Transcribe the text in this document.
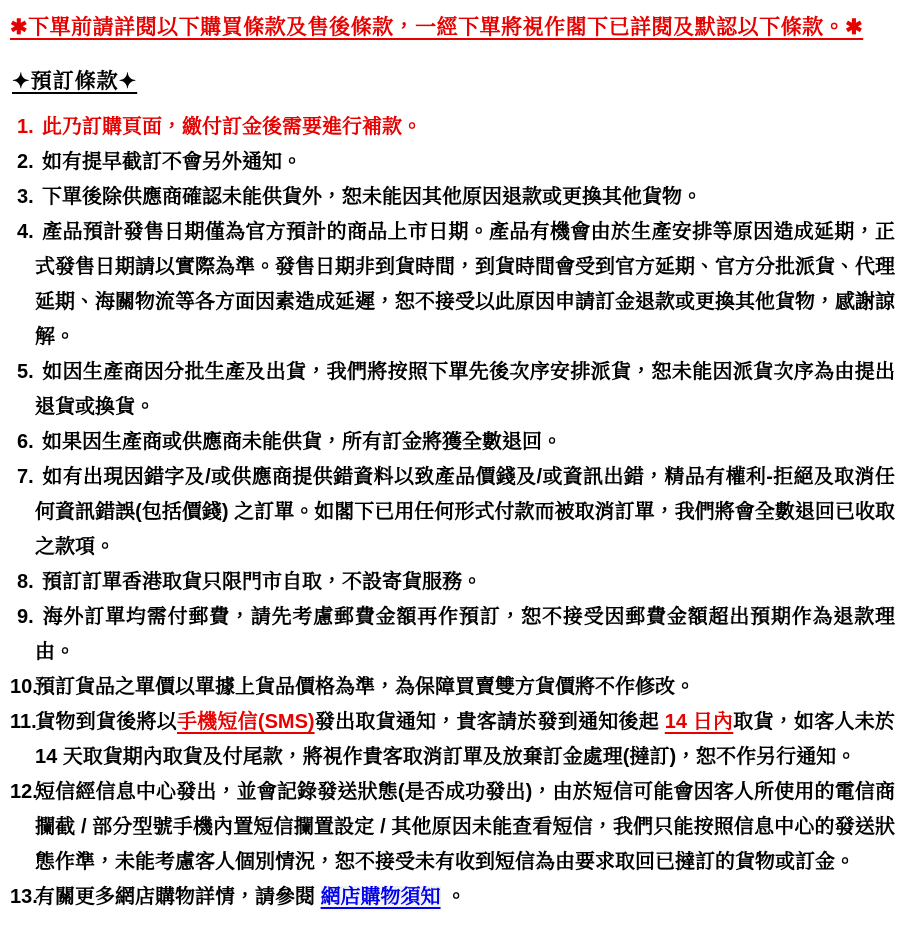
✱下單前請詳閱以下購買條款及售後條款，一經下單將視作閣下已詳閱及默認以下條款。✱
✦預訂條款✦
1. 此乃訂購頁面，繳付訂金後需要進行補款。
2. 如有提早截訂不會另外通知。
3. 下單後除供應商確認未能供貨外，恕未能因其他原因退款或更換其他貨物。
4. 產品預計發售日期僅為官方預計的商品上市日期。產品有機會由於生產安排等原因造成延期，正式發售日期請以實際為準。發售日期非到貨時間，到貨時間會受到官方延期、官方分批派貨、代理延期、海關物流等各方面因素造成延遲，恕不接受以此原因申請訂金退款或更換其他貨物，感謝諒解。
5. 如因生產商因分批生產及出貨，我們將按照下單先後次序安排派貨，恕未能因派貨次序為由提出退貨或換貨。
6. 如果因生產商或供應商未能供貨，所有訂金將獲全數退回。
7. 如有出現因錯字及/或供應商提供錯資料以致產品價錢及/或資訊出錯，精品有權利-拒絕及取消任何資訊錯誤(包括價錢) 之訂單。如閣下已用任何形式付款而被取消訂單，我們將會全數退回已收取之款項。
8. 預訂訂單香港取貨只限門市自取，不設寄貨服務。
9. 海外訂單均需付郵費，請先考慮郵費金額再作預訂，恕不接受因郵費金額超出預期作為退款理由。
10.預訂貨品之單價以單據上貨品價格為準，為保障買賣雙方貨價將不作修改。
11.貨物到貨後將以手機短信(SMS)發出取貨通知，貴客請於發到通知後起 14 日內取貨，如客人未於 14 天取貨期內取貨及付尾款，將視作貴客取消訂單及放棄訂金處理(撻訂)，恕不作另行通知。
12.短信經信息中心發出，並會記錄發送狀態(是否成功發出)，由於短信可能會因客人所使用的電信商攔截 / 部分型號手機內置短信攔置設定 / 其他原因未能查看短信，我們只能按照信息中心的發送狀態作準，未能考慮客人個別情況，恕不接受未有收到短信為由要求取回已撻訂的貨物或訂金。
13.有關更多網店購物詳情，請參閱 網店購物須知 。
